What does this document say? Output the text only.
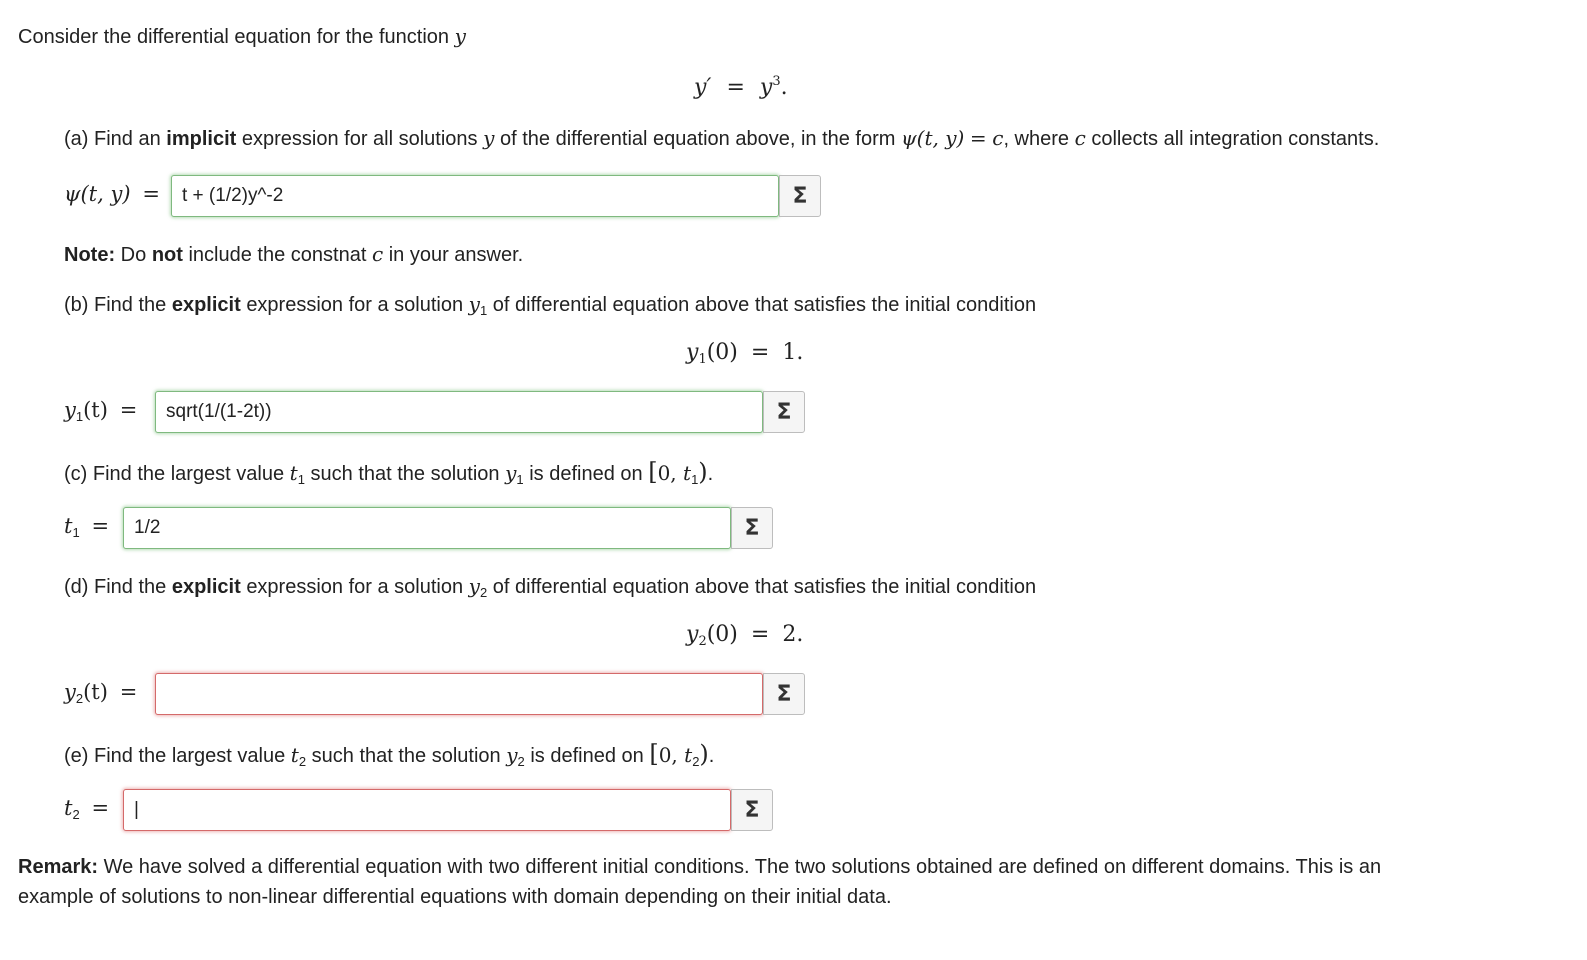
Consider the differential equation for the function y
$y' = y^3$.
(a) Find an implicit expression for all solutions y of the differential equation above, in the form ψ(t, y) = c, where c collects all integration constants.
ψ(t, y) =
t + (1/2)y^-2	Σ
Note: Do not include the constnat c in your answer.
(b) Find the explicit expression for a solution $y_1$ of differential equation above that satisfies the initial condition
$y_1(0) = 1$.
$y_1(t)$ =
sqrt(1/(1-2t))	Σ
(c) Find the largest value $t_1$ such that the solution $y_1$ is defined on [0, $t_1$).
$t_1$ =
1/2	Σ
(d) Find the explicit expression for a solution $y_2$ of differential equation above that satisfies the initial condition
$y_2(0) = 2$.
$y_2(t)$ =	Σ
(e) Find the largest value $t_2$ such that the solution $y_2$ is defined on [0, $t_2$).
$t_2$ =
|	Σ
Remark: We have solved a differential equation with two different initial conditions. The two solutions obtained are defined on different domains. This is an
example of solutions to non-linear differential equations with domain depending on their initial data.
